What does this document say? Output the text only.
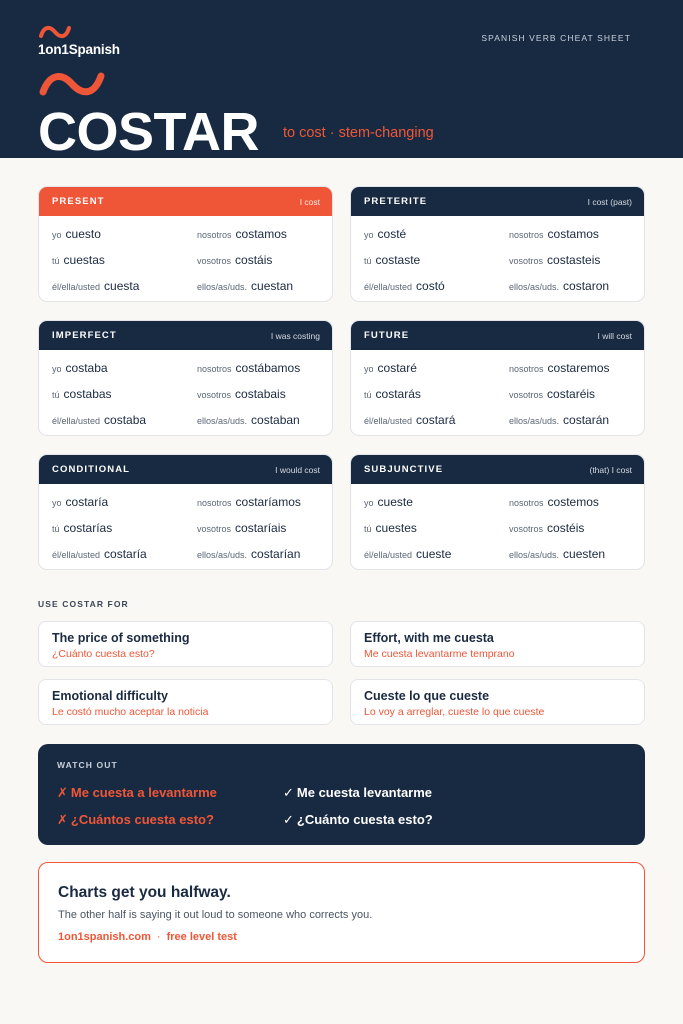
1on1Spanish
SPANISH VERB CHEAT SHEET
COSTAR to cost · stem-changing
PRESENT	I cost
yo cuesto	nosotros costamos
tú cuestas	vosotros costáis
él/ella/usted cuesta	ellos/as/uds. cuestan
PRETERITE	I cost (past)
yo costé	nosotros costamos
tú costaste	vosotros costasteis
él/ella/usted costó	ellos/as/uds. costaron
IMPERFECT	I was costing
yo costaba	nosotros costábamos
tú costabas	vosotros costabais
él/ella/usted costaba	ellos/as/uds. costaban
FUTURE	I will cost
yo costaré	nosotros costaremos
tú costarás	vosotros costaréis
él/ella/usted costará	ellos/as/uds. costarán
CONDITIONAL	I would cost
yo costaría	nosotros costaríamos
tú costarías	vosotros costaríais
él/ella/usted costaría	ellos/as/uds. costarían
SUBJUNCTIVE	(that) I cost
yo cueste	nosotros costemos
tú cuestes	vosotros costéis
él/ella/usted cueste	ellos/as/uds. cuesten
USE COSTAR FOR
The price of something
¿Cuánto cuesta esto?
Effort, with me cuesta
Me cuesta levantarme temprano
Emotional difficulty
Le costó mucho aceptar la noticia
Cueste lo que cueste
Lo voy a arreglar, cueste lo que cueste
WATCH OUT
✗ Me cuesta a levantarme	✓ Me cuesta levantarme
✗ ¿Cuántos cuesta esto?	✓ ¿Cuánto cuesta esto?
Charts get you halfway.
The other half is saying it out loud to someone who corrects you.
1on1spanish.com · free level test
